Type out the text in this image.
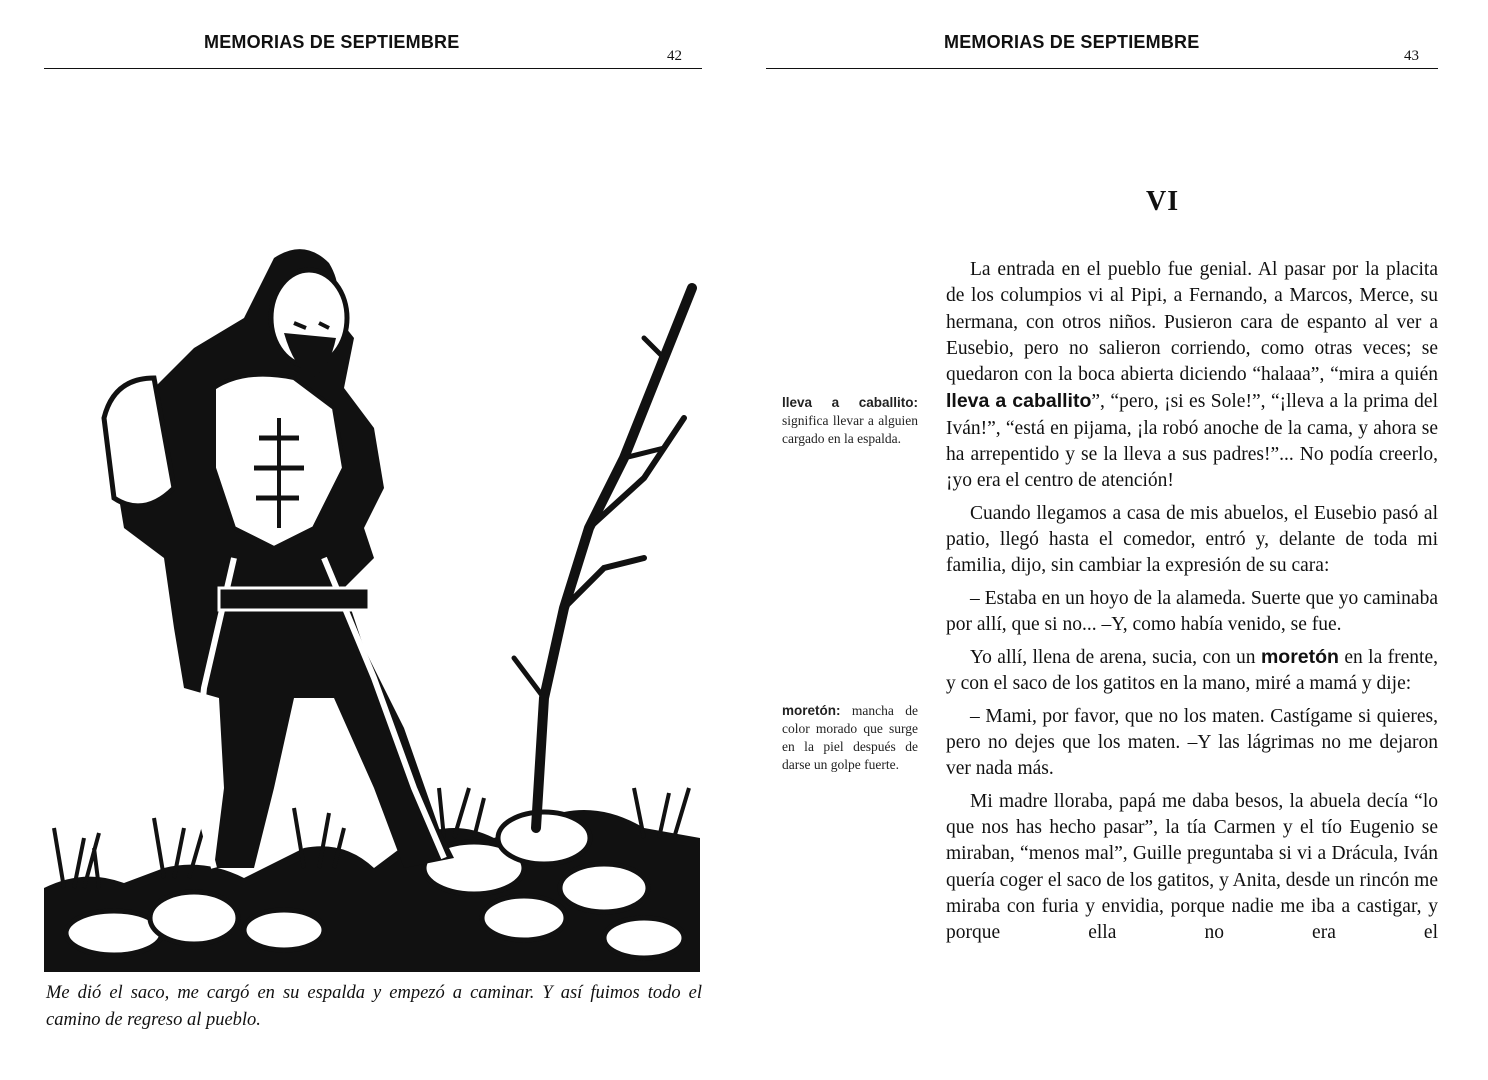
MEMORIAS DE SEPTIEMBRE
42
Me dió el saco, me cargó en su espalda y empezó a caminar. Y así fuimos todo el camino de regreso al pueblo.
MEMORIAS DE SEPTIEMBRE
43
VI
lleva a caballito: significa llevar a alguien cargado en la espalda.
moretón: mancha de color morado que surge en la piel después de darse un golpe fuerte.

La entrada en el pueblo fue genial. Al pasar por la placita de los columpios vi al Pipi, a Fernando, a Marcos, Merce, su hermana, con otros niños. Pusieron cara de espanto al ver a Eusebio, pero no salieron corriendo, como otras veces; se quedaron con la boca abierta diciendo “halaaa”, “mira a quién lleva a caballito”, “pero, ¡si es Sole!”, “¡lleva a la prima del Iván!”, “está en pijama, ¡la robó anoche de la cama, y ahora se ha arrepentido y se la lleva a sus padres!”... No podía creerlo, ¡yo era el centro de atención!

Cuando llegamos a casa de mis abuelos, el Eusebio pasó al patio, llegó hasta el comedor, entró y, delante de toda mi familia, dijo, sin cambiar la expresión de su cara:

– Estaba en un hoyo de la alameda. Suerte que yo caminaba por allí, que si no... –Y, como había venido, se fue.

Yo allí, llena de arena, sucia, con un moretón en la frente, y con el saco de los gatitos en la mano, miré a mamá y dije:

– Mami, por favor, que no los maten. Castígame si quieres, pero no dejes que los maten. –Y las lágrimas no me dejaron ver nada más.

Mi madre lloraba, papá me daba besos, la abuela decía “lo que nos has hecho pasar”, la tía Carmen y el tío Eugenio se miraban, “menos mal”, Guille preguntaba si vi a Drácula, Iván quería coger el saco de los gatitos, y Anita, desde un rincón me miraba con furia y envidia, porque nadie me iba a castigar, y porque ella no era el
